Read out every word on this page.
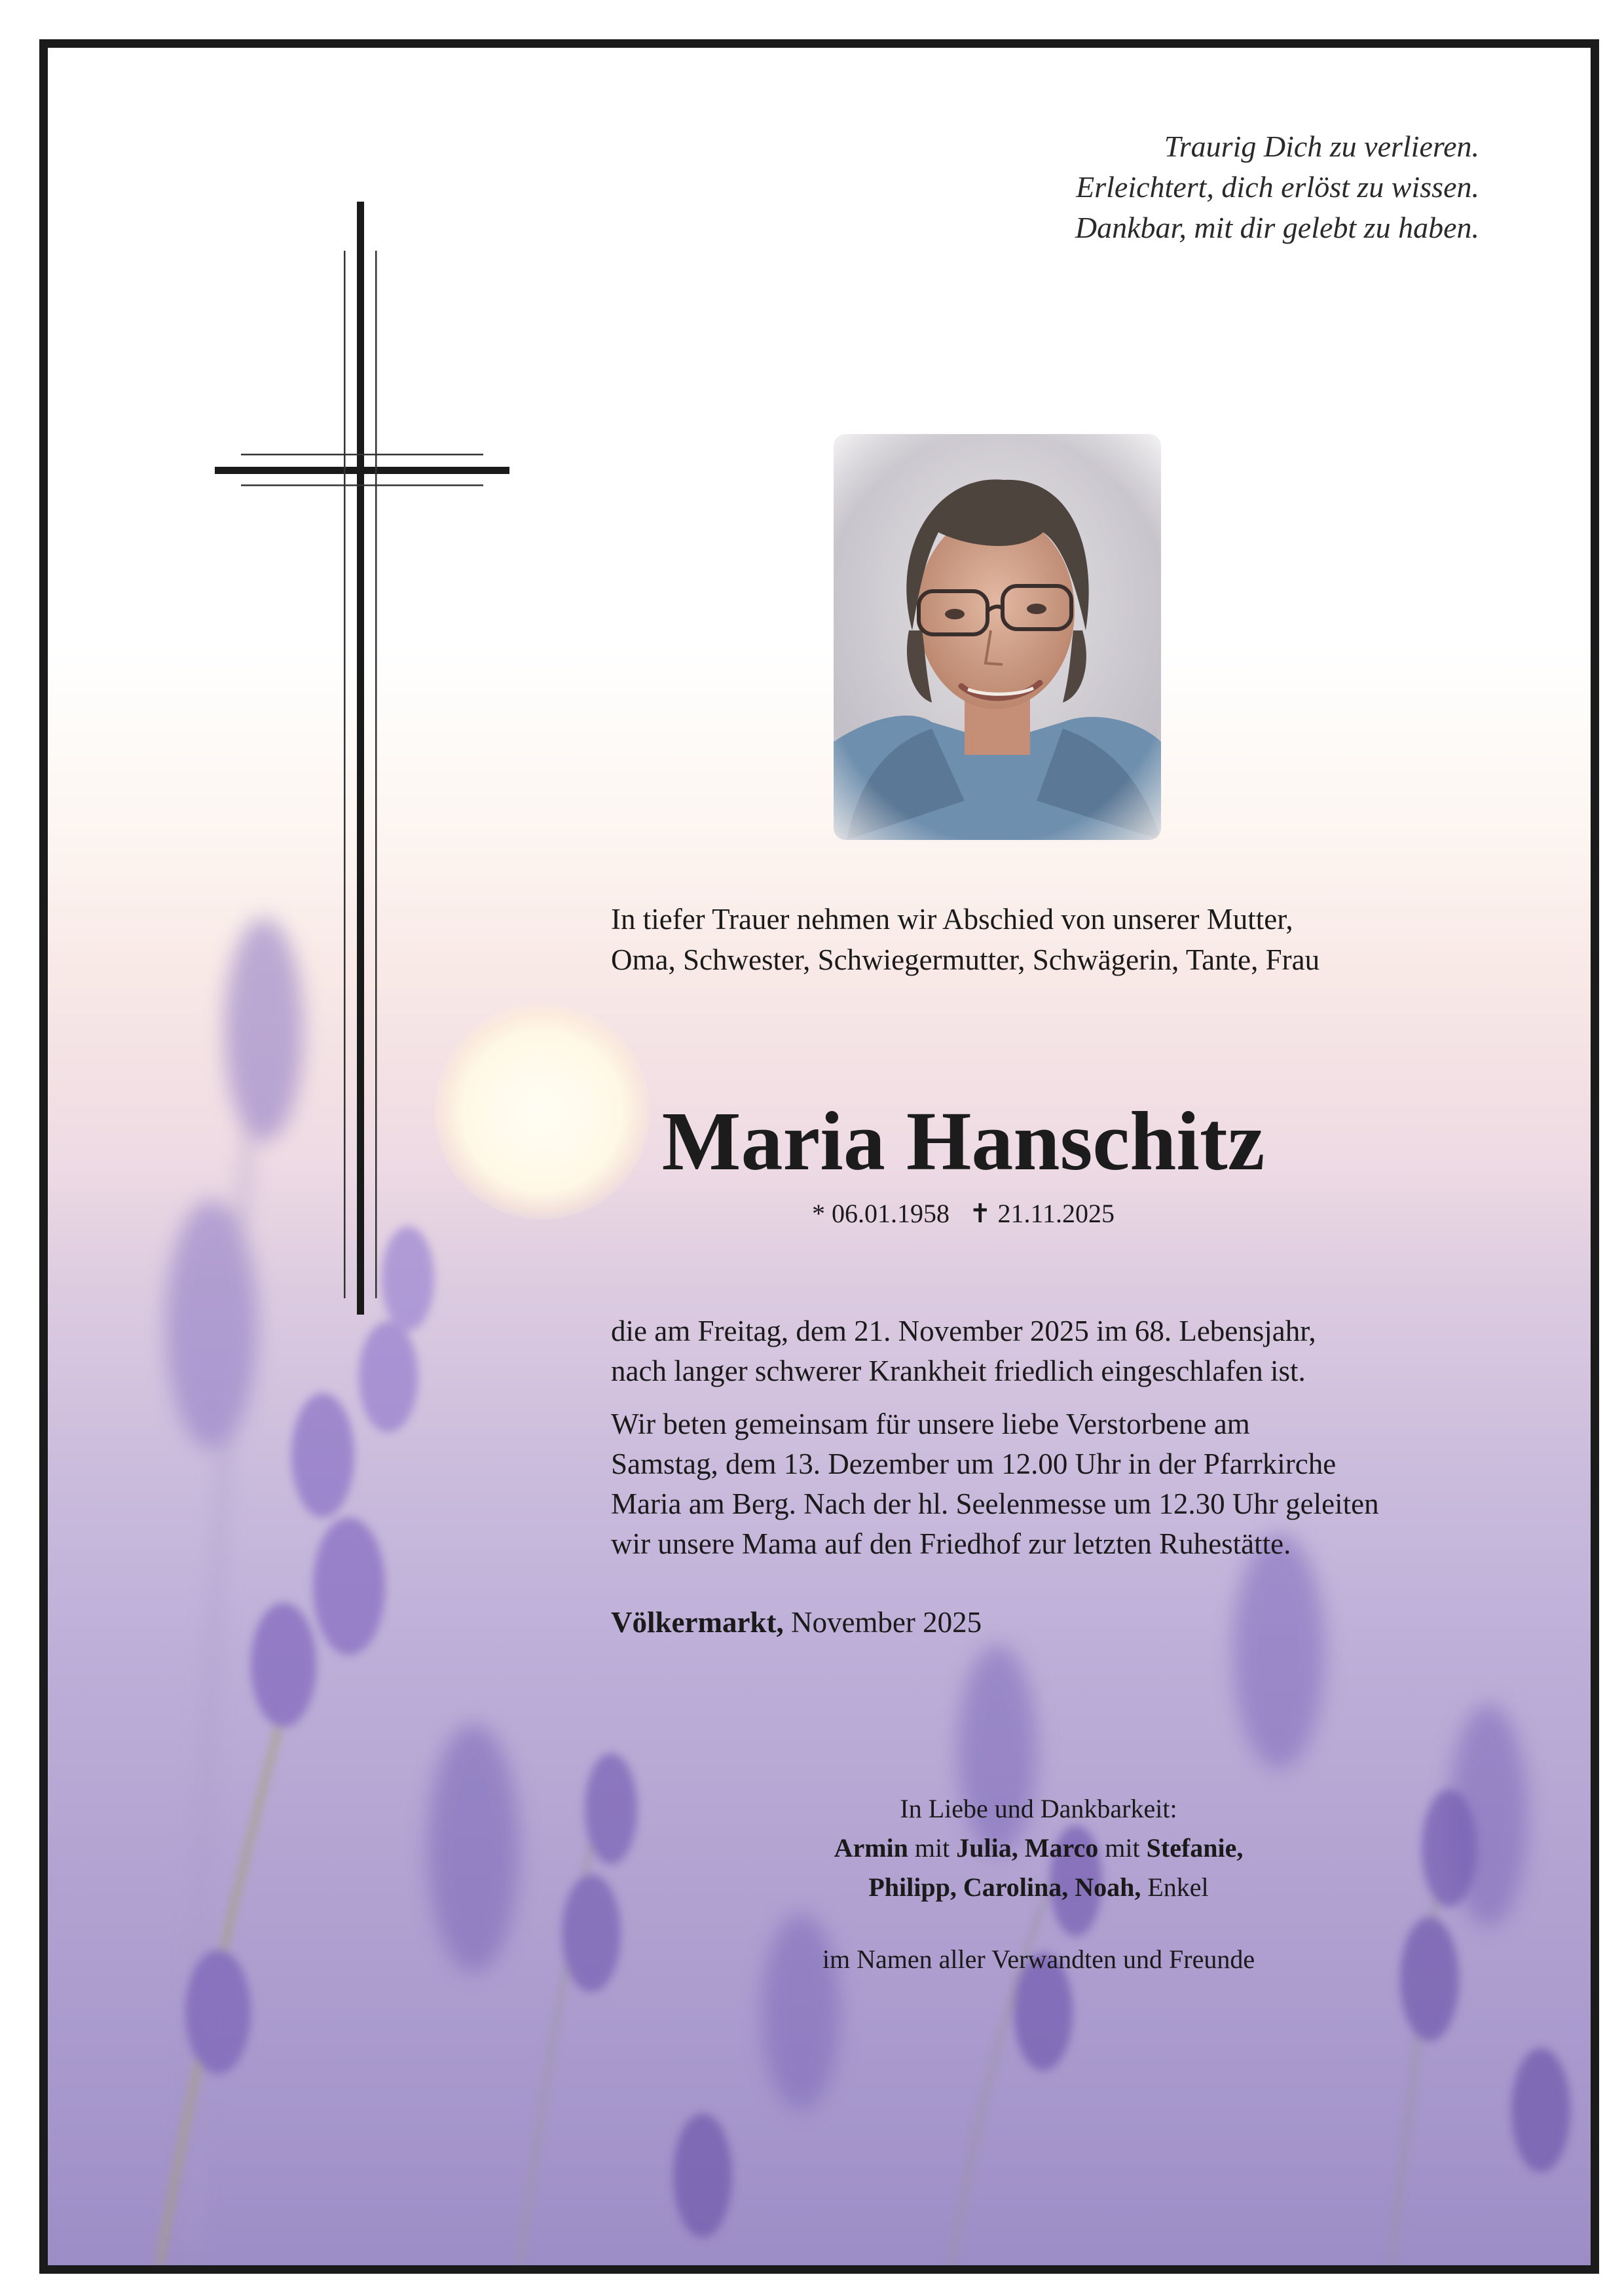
Traurig Dich zu verlieren.
Erleichtert, dich erlöst zu wissen.
Dankbar, mit dir gelebt zu haben.
In tiefer Trauer nehmen wir Abschied von unserer Mutter,
Oma, Schwester, Schwiegermutter, Schwägerin, Tante, Frau
Maria Hanschitz
* 06.01.1958 ✝ 21.11.2025

die am Freitag, dem 21. November 2025 im 68. Lebensjahr,
nach langer schwerer Krankheit friedlich eingeschlafen ist.

Wir beten gemeinsam für unsere liebe Verstorbene am
Samstag, dem 13. Dezember um 12.00 Uhr in der Pfarrkirche
Maria am Berg. Nach der hl. Seelenmesse um 12.30 Uhr geleiten
wir unsere Mama auf den Friedhof zur letzten Ruhestätte.

Völkermarkt, November 2025
In Liebe und Dankbarkeit:
Armin mit Julia, Marco mit Stefanie,
Philipp, Carolina, Noah, Enkel
im Namen aller Verwandten und Freunde
